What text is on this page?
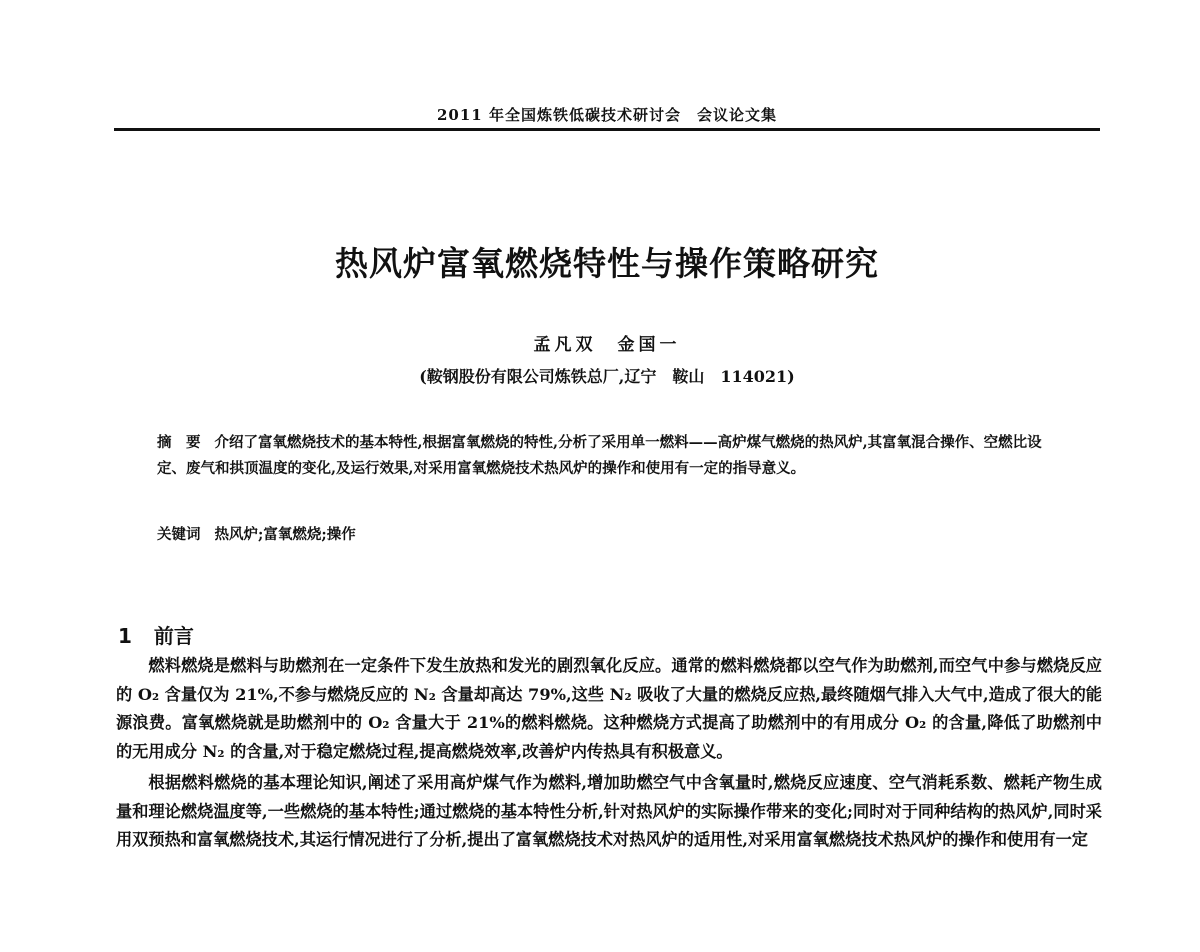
2011 年全国炼铁低碳技术研讨会　会议论文集
热风炉富氧燃烧特性与操作策略研究
孟凡双　金国一
(鞍钢股份有限公司炼铁总厂,辽宁　鞍山　114021)
摘　要 介绍了富氧燃烧技术的基本特性,根据富氧燃烧的特性,分析了采用单一燃料——高炉煤气燃烧的热风炉,其富氧混合操作、空燃比设定、废气和拱顶温度的变化,及运行效果,对采用富氧燃烧技术热风炉的操作和使用有一定的指导意义。
关键词 热风炉;富氧燃烧;操作
1 前言

燃料燃烧是燃料与助燃剂在一定条件下发生放热和发光的剧烈氧化反应。通常的燃料燃烧都以空气作为助燃剂,而空气中参与燃烧反应的 O₂ 含量仅为 21%,不参与燃烧反应的 N₂ 含量却高达 79%,这些 N₂ 吸收了大量的燃烧反应热,最终随烟气排入大气中,造成了很大的能源浪费。富氧燃烧就是助燃剂中的 O₂ 含量大于 21%的燃料燃烧。这种燃烧方式提高了助燃剂中的有用成分 O₂ 的含量,降低了助燃剂中的无用成分 N₂ 的含量,对于稳定燃烧过程,提高燃烧效率,改善炉内传热具有积极意义。

根据燃料燃烧的基本理论知识,阐述了采用高炉煤气作为燃料,增加助燃空气中含氧量时,燃烧反应速度、空气消耗系数、燃耗产物生成量和理论燃烧温度等,一些燃烧的基本特性;通过燃烧的基本特性分析,针对热风炉的实际操作带来的变化;同时对于同种结构的热风炉,同时采用双预热和富氧燃烧技术,其运行情况进行了分析,提出了富氧燃烧技术对热风炉的适用性,对采用富氧燃烧技术热风炉的操作和使用有一定
